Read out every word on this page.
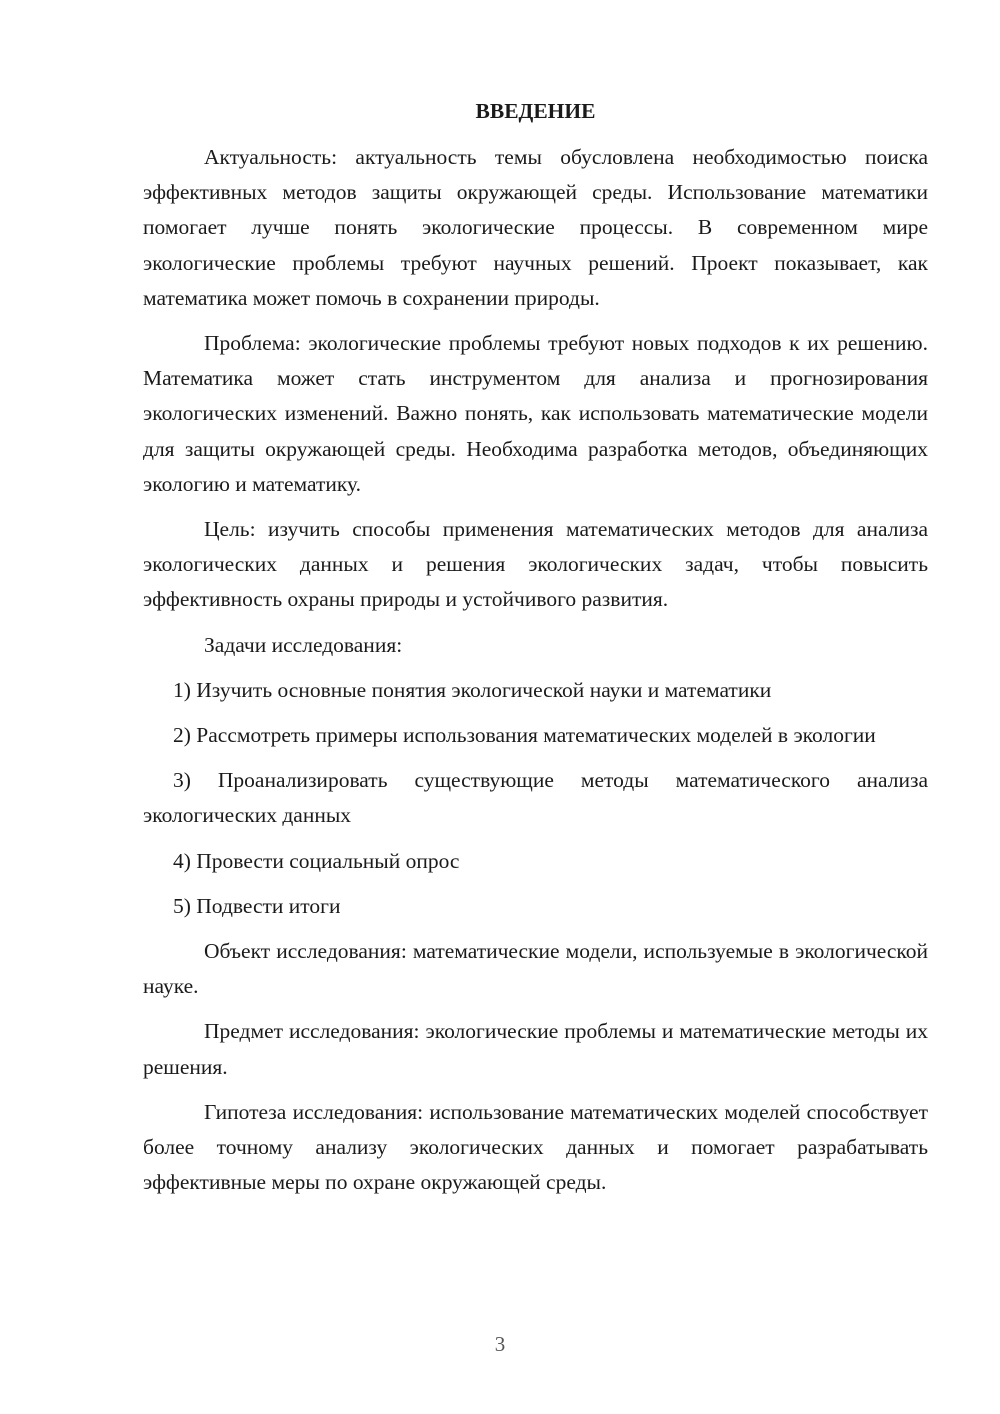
ВВЕДЕНИЕ

Актуальность: актуальность темы обусловлена необходимостью поиска эффективных методов защиты окружающей среды. Использование математики помогает лучше понять экологические процессы. В современном мире экологические проблемы требуют научных решений. Проект показывает, как математика может помочь в сохранении природы.

Проблема: экологические проблемы требуют новых подходов к их решению. Математика может стать инструментом для анализа и прогнозирования экологических изменений. Важно понять, как использовать математические модели для защиты окружающей среды. Необходима разработка методов, объединяющих экологию и математику.

Цель: изучить способы применения математических методов для анализа экологических данных и решения экологических задач, чтобы повысить эффективность охраны природы и устойчивого развития.

Задачи исследования:

1) Изучить основные понятия экологической науки и математики

2) Рассмотреть примеры использования математических моделей в экологии

3) Проанализировать существующие методы математического анализа экологических данных

4) Провести социальный опрос

5) Подвести итоги

Объект исследования: математические модели, используемые в экологической науке.

Предмет исследования: экологические проблемы и математические методы их решения.

Гипотеза исследования: использование математических моделей способствует более точному анализу экологических данных и помогает разрабатывать эффективные меры по охране окружающей среды.

3
